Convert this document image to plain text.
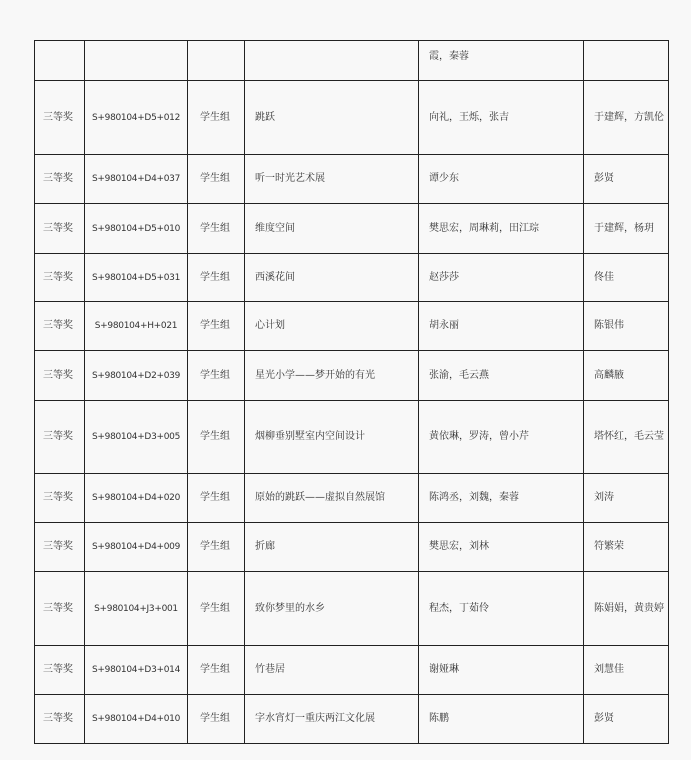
				霞，秦蓉	
三等奖	S+980104+D5+012	学生组	跳跃	向礼，王烁，张吉	于建辉，方凯伦
三等奖	S+980104+D4+037	学生组	听一时光艺术展	谭少东	彭贤
三等奖	S+980104+D5+010	学生组	维度空间	樊思宏，周琳莉，田江琮	于建辉，杨玥
三等奖	S+980104+D5+031	学生组	西溪花间	赵莎莎	佟佳
三等奖	S+980104+H+021	学生组	心计划	胡永丽	陈银伟
三等奖	S+980104+D2+039	学生组	星光小学——梦开始的有光	张渝，毛云燕	高麟腋
三等奖	S+980104+D3+005	学生组	烟柳垂别墅室内空间设计	黄依琳，罗涛，曾小芹	塔怀红，毛云莹
三等奖	S+980104+D4+020	学生组	原始的跳跃——虚拟自然展馆	陈鸿丞，刘魏，秦蓉	刘涛
三等奖	S+980104+D4+009	学生组	折廊	樊思宏，刘林	符繁荣
三等奖	S+980104+J3+001	学生组	致你梦里的水乡	程杰，丁茹伶	陈娟娟，黄贵婷
三等奖	S+980104+D3+014	学生组	竹巷居	谢娅琳	刘慧佳
三等奖	S+980104+D4+010	学生组	字水宵灯一重庆两江文化展	陈鹏	彭贤
